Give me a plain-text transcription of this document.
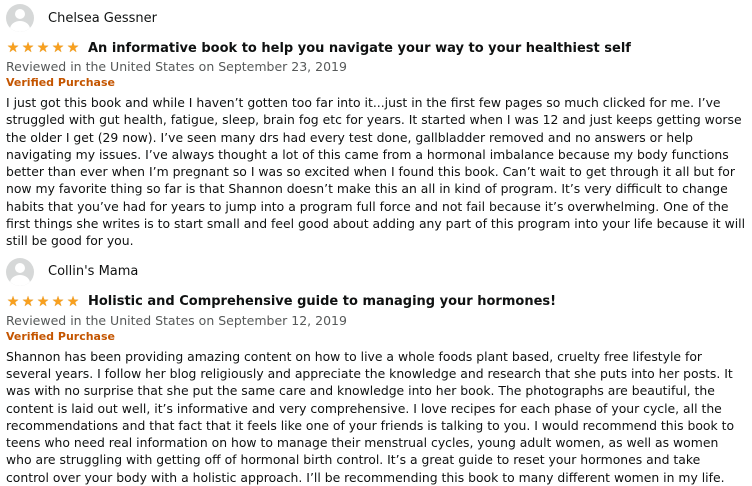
Chelsea Gessner
★ ★ ★ ★ ★ An informative book to help you navigate your way to your healthiest self
Reviewed in the United States on September 23, 2019
Verified Purchase
I just got this book and while I haven’t gotten too far into it...just in the first few pages so much clicked for me. I’ve struggled with gut health, fatigue, sleep, brain fog etc for years. It started when I was 12 and just keeps getting worse the older I get (29 now). I’ve seen many drs had every test done, gallbladder removed and no answers or help navigating my issues. I’ve always thought a lot of this came from a hormonal imbalance because my body functions better than ever when I’m pregnant so I was so excited when I found this book. Can’t wait to get through it all but for now my favorite thing so far is that Shannon doesn’t make this an all in kind of program. It’s very difficult to change habits that you’ve had for years to jump into a program full force and not fail because it’s overwhelming. One of the first things she writes is to start small and feel good about adding any part of this program into your life because it will still be good for you.
Collin's Mama
★ ★ ★ ★ ★ Holistic and Comprehensive guide to managing your hormones!
Reviewed in the United States on September 12, 2019
Verified Purchase
Shannon has been providing amazing content on how to live a whole foods plant based, cruelty free lifestyle for several years. I follow her blog religiously and appreciate the knowledge and research that she puts into her posts. It was with no surprise that she put the same care and knowledge into her book. The photographs are beautiful, the content is laid out well, it’s informative and very comprehensive. I love recipes for each phase of your cycle, all the recommendations and that fact that it feels like one of your friends is talking to you. I would recommend this book to teens who need real information on how to manage their menstrual cycles, young adult women, as well as women who are struggling with getting off of hormonal birth control. It’s a great guide to reset your hormones and take control over your body with a holistic approach. I’ll be recommending this book to many different women in my life.
